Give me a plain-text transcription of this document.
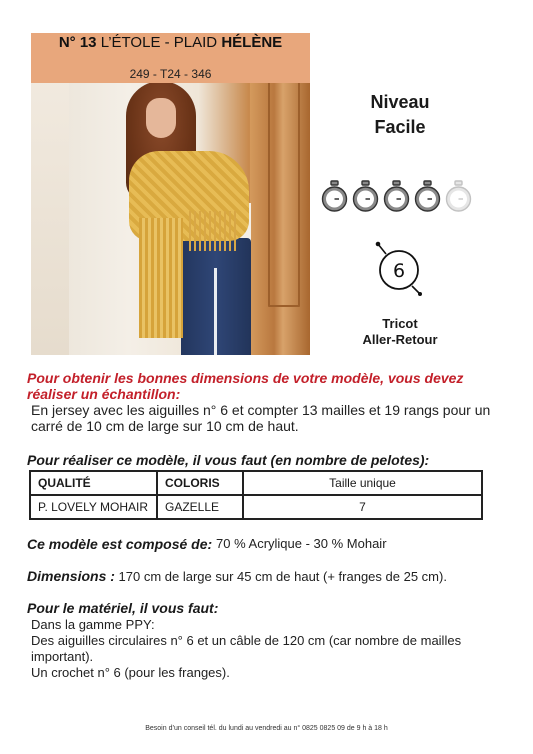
N° 13 L’ÉTOLE - PLAID HÉLÈNE
249 - T24 - 346
Niveau
Facile
6
Tricot
Aller-Retour
Pour obtenir les bonnes dimensions de votre modèle, vous devez réaliser un échantillon:
En jersey avec les aiguilles n° 6 et compter 13 mailles et 19 rangs pour un carré de 10 cm de large sur 10 cm de haut.
Pour réaliser ce modèle, il vous faut (en nombre de pelotes):
QUALITÉ	COLORIS	Taille unique
P. LOVELY MOHAIR	GAZELLE	7
Ce modèle est composé de: 70 % Acrylique - 30 % Mohair
Dimensions : 170 cm de large sur 45 cm de haut (+ franges de 25 cm).
Pour le matériel, il vous faut:
Dans la gamme PPY:
Des aiguilles circulaires n° 6 et un câble de 120 cm (car nombre de mailles important).
Un crochet n° 6 (pour les franges).
Besoin d’un conseil tél. du lundi au vendredi au n° 0825 0825 09 de 9 h à 18 h
